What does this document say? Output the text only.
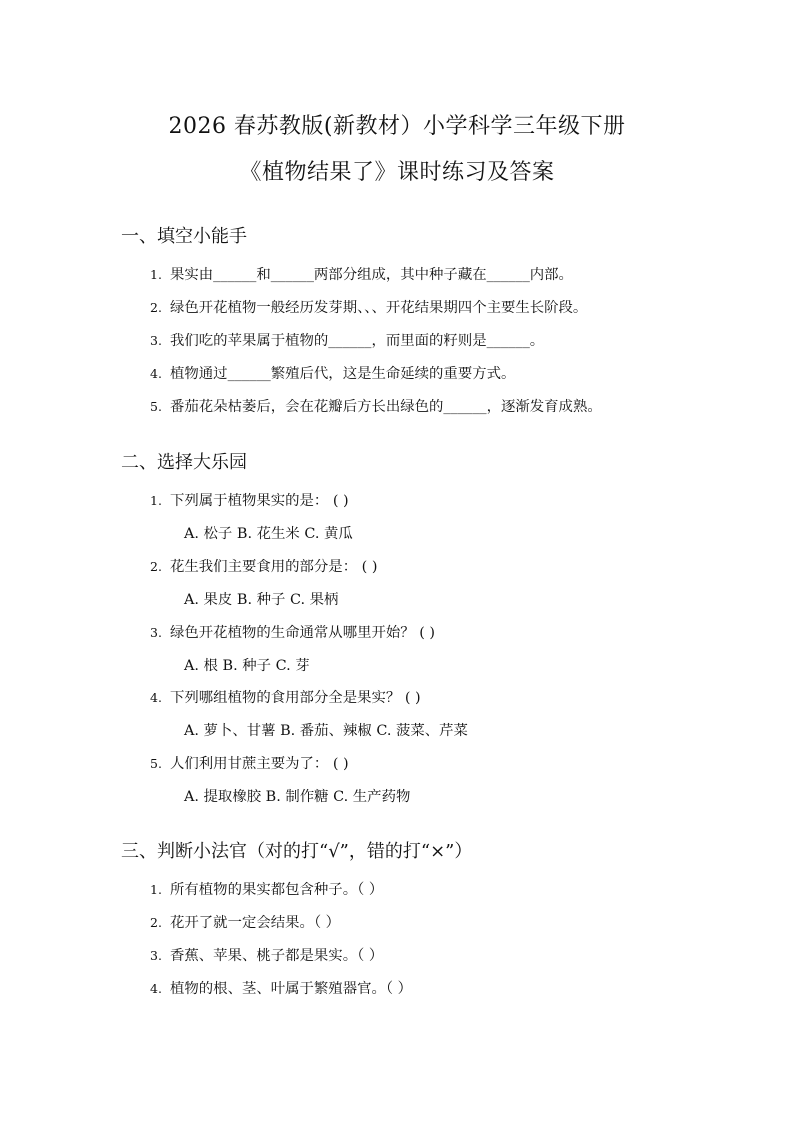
2026 春苏教版(新教材）小学科学三年级下册
《植物结果了》课时练习及答案
一、填空小能手
1. 果实由______和______两部分组成，其中种子藏在______内部。
2. 绿色开花植物一般经历发芽期、、、开花结果期四个主要生长阶段。
3. 我们吃的苹果属于植物的______，而里面的籽则是______。
4. 植物通过______繁殖后代，这是生命延续的重要方式。
5. 番茄花朵枯萎后，会在花瓣后方长出绿色的______，逐渐发育成熟。
二、选择大乐园
1. 下列属于植物果实的是： ( )
A. 松子 B. 花生米 C. 黄瓜
2. 花生我们主要食用的部分是： ( )
A. 果皮 B. 种子 C. 果柄
3. 绿色开花植物的生命通常从哪里开始？ ( )
A. 根 B. 种子 C. 芽
4. 下列哪组植物的食用部分全是果实？ ( )
A. 萝卜、甘薯 B. 番茄、辣椒 C. 菠菜、芹菜
5. 人们利用甘蔗主要为了： ( )
A. 提取橡胶 B. 制作糖 C. 生产药物
三、判断小法官（对的打“√”，错的打“×”）
1. 所有植物的果实都包含种子。（ ）
2. 花开了就一定会结果。（ ）
3. 香蕉、苹果、桃子都是果实。（ ）
4. 植物的根、茎、叶属于繁殖器官。（ ）
